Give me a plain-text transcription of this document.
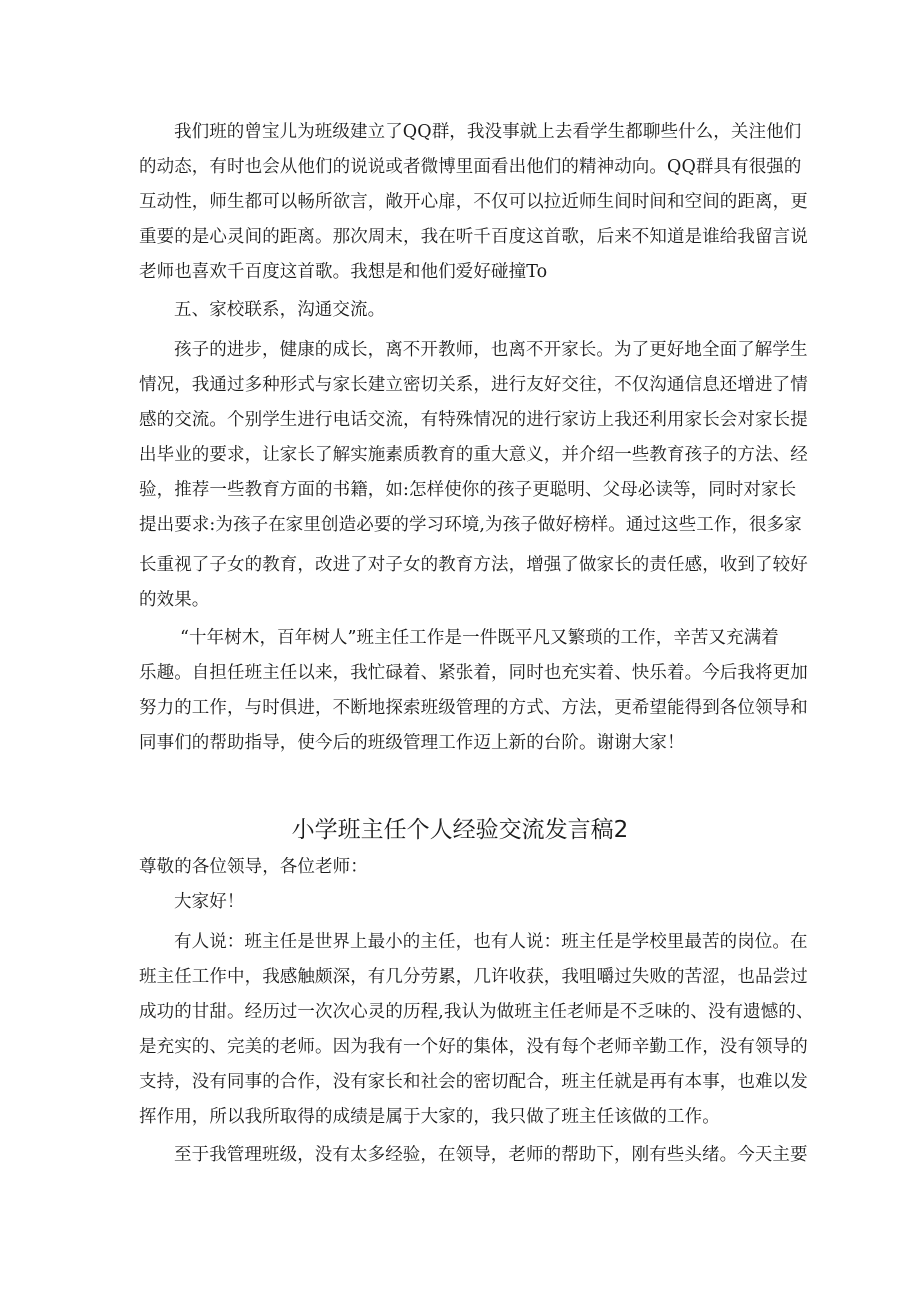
我们班的曾宝儿为班级建立了QQ群，我没事就上去看学生都聊些什么，关注他们
的动态，有时也会从他们的说说或者微博里面看出他们的精神动向。QQ群具有很强的
互动性，师生都可以畅所欲言，敞开心扉，不仅可以拉近师生间时间和空间的距离，更
重要的是心灵间的距离。那次周末，我在听千百度这首歌，后来不知道是谁给我留言说
老师也喜欢千百度这首歌。我想是和他们爱好碰撞To
五、家校联系，沟通交流。
孩子的进步，健康的成长，离不开教师，也离不开家长。为了更好地全面了解学生
情况，我通过多种形式与家长建立密切关系，进行友好交往，不仅沟通信息还增进了情
感的交流。个别学生进行电话交流，有特殊情况的进行家访上我还利用家长会对家长提
出毕业的要求，让家长了解实施素质教育的重大意义，并介绍一些教育孩子的方法、经
验，推荐一些教育方面的书籍，如:怎样使你的孩子更聪明、父母必读等，同时对家长
提出要求:为孩子在家里创造必要的学习环境,为孩子做好榜样。通过这些工作，很多家
长重视了子女的教育，改进了对子女的教育方法，增强了做家长的责任感，收到了较好
的效果。
“十年树木，百年树人”班主任工作是一件既平凡又繁琐的工作，辛苦又充满着
乐趣。自担任班主任以来，我忙碌着、紧张着，同时也充实着、快乐着。今后我将更加
努力的工作，与时俱进，不断地探索班级管理的方式、方法，更希望能得到各位领导和
同事们的帮助指导，使今后的班级管理工作迈上新的台阶。谢谢大家！
小学班主任个人经验交流发言稿2
尊敬的各位领导，各位老师：
大家好！
有人说：班主任是世界上最小的主任，也有人说：班主任是学校里最苦的岗位。在
班主任工作中，我感触颇深，有几分劳累，几许收获，我咀嚼过失败的苦涩，也品尝过
成功的甘甜。经历过一次次心灵的历程,我认为做班主任老师是不乏味的、没有遗憾的、
是充实的、完美的老师。因为我有一个好的集体，没有每个老师辛勤工作，没有领导的
支持，没有同事的合作，没有家长和社会的密切配合，班主任就是再有本事，也难以发
挥作用，所以我所取得的成绩是属于大家的，我只做了班主任该做的工作。
至于我管理班级，没有太多经验，在领导，老师的帮助下，刚有些头绪。今天主要
